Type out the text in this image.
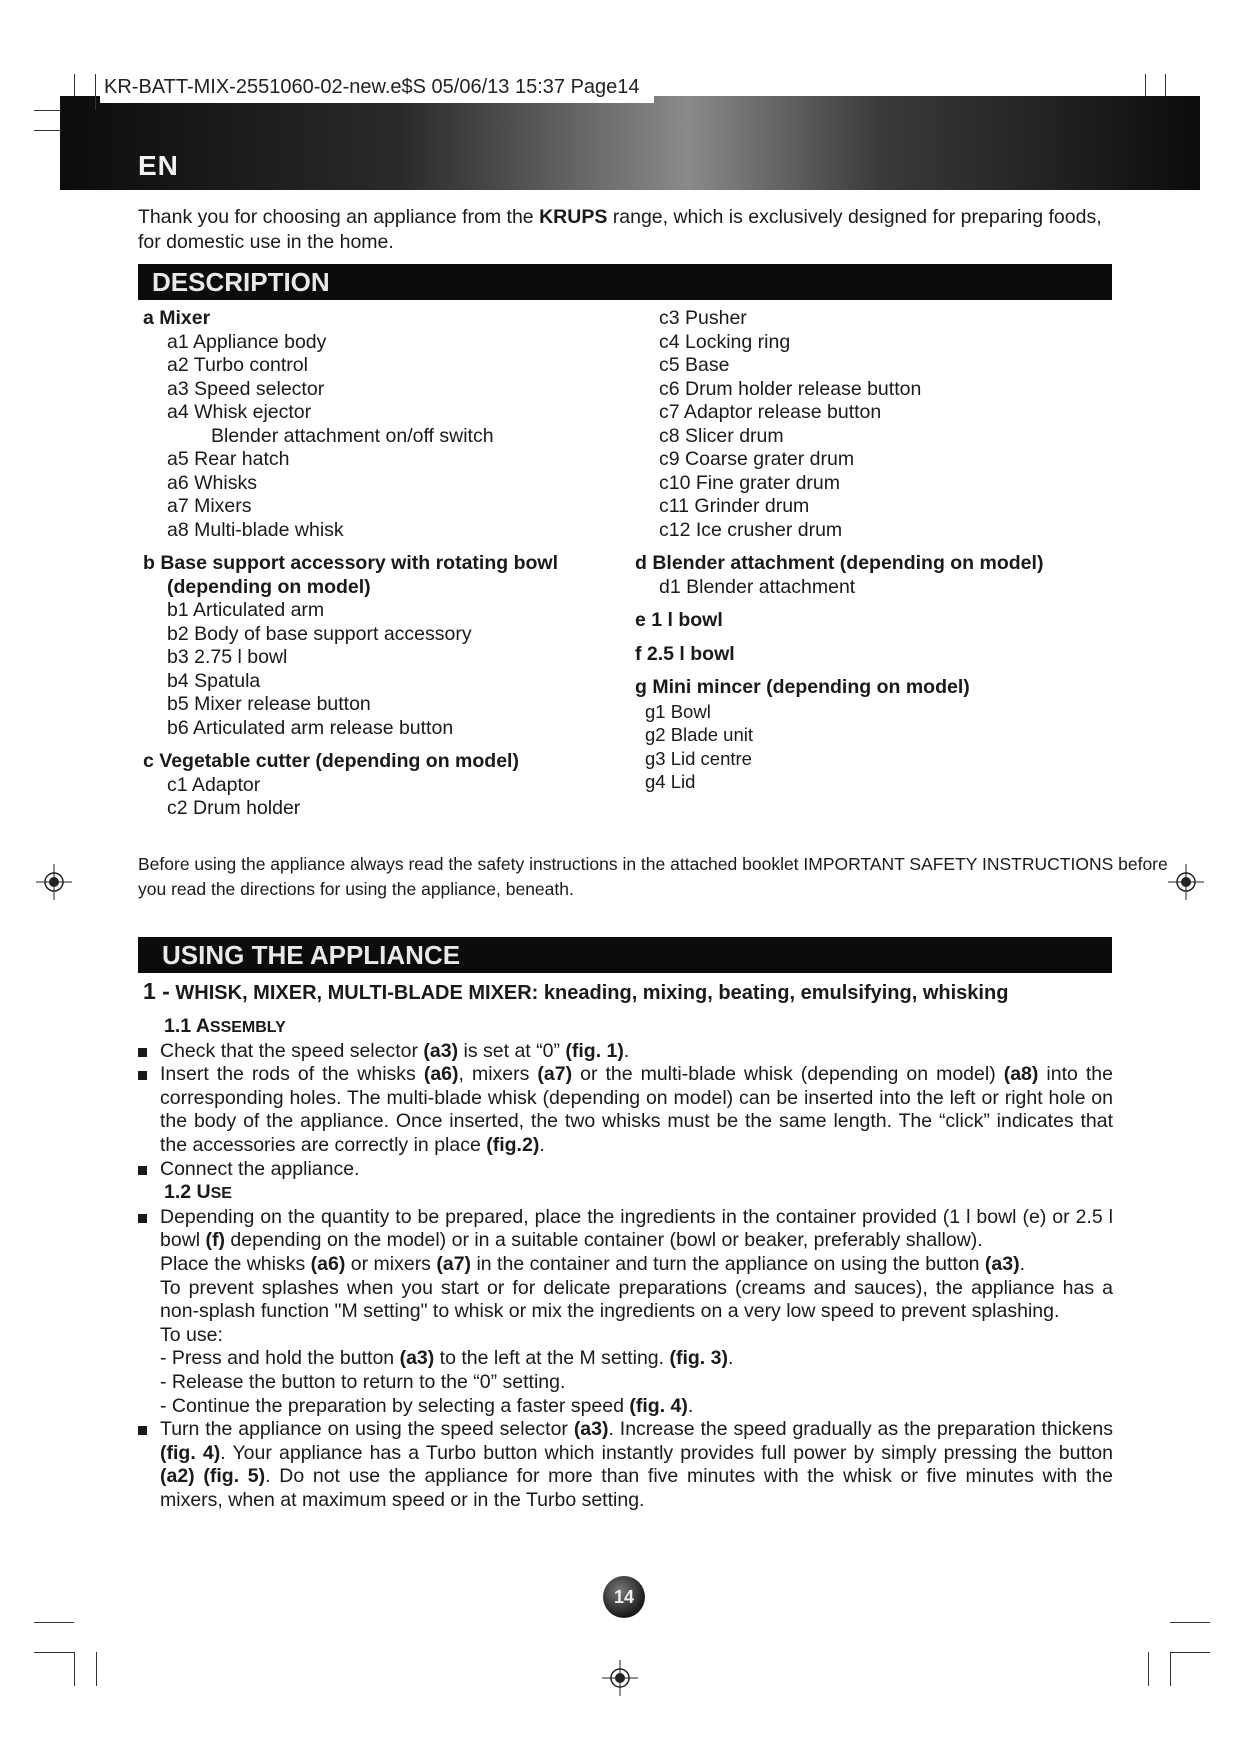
EN
KR-BATT-MIX-2551060-02-new.e$S 05/06/13 15:37 Page14
Thank you for choosing an appliance from the KRUPS range, which is exclusively designed for preparing foods, for domestic use in the home.
DESCRIPTION
a Mixer
a1 Appliance body
a2 Turbo control
a3 Speed selector
a4 Whisk ejector
Blender attachment on/off switch
a5 Rear hatch
a6 Whisks
a7 Mixers
a8 Multi-blade whisk
b Base support accessory with rotating bowl
(depending on model)
b1 Articulated arm
b2 Body of base support accessory
b3 2.75 l bowl
b4 Spatula
b5 Mixer release button
b6 Articulated arm release button
c Vegetable cutter (depending on model)
c1 Adaptor
c2 Drum holder
c3 Pusher
c4 Locking ring
c5 Base
c6 Drum holder release button
c7 Adaptor release button
c8 Slicer drum
c9 Coarse grater drum
c10 Fine grater drum
c11 Grinder drum
c12 Ice crusher drum
d Blender attachment (depending on model)
d1 Blender attachment
e 1 l bowl
f 2.5 l bowl
g Mini mincer (depending on model)
g1 Bowl
g2 Blade unit
g3 Lid centre
g4 Lid
Before using the appliance always read the safety instructions in the attached booklet IMPORTANT SAFETY INSTRUCTIONS before you read the directions for using the appliance, beneath.
USING THE APPLIANCE
1 - WHISK, MIXER, MULTI-BLADE MIXER: kneading, mixing, beating, emulsifying, whisking
1.1 ASSEMBLY
Check that the speed selector (a3) is set at “0” (fig. 1).
Insert the rods of the whisks (a6), mixers (a7) or the multi-blade whisk (depending on model) (a8) into the corresponding holes. The multi-blade whisk (depending on model) can be inserted into the left or right hole on the body of the appliance. Once inserted, the two whisks must be the same length. The “click” indicates that the accessories are correctly in place (fig.2).
Connect the appliance.
1.2 USE
Depending on the quantity to be prepared, place the ingredients in the container provided (1 l bowl (e) or 2.5 l bowl (f) depending on the model) or in a suitable container (bowl or beaker, preferably shallow).
Place the whisks (a6) or mixers (a7) in the container and turn the appliance on using the button (a3).
To prevent splashes when you start or for delicate preparations (creams and sauces), the appliance has a non-splash function "M setting" to whisk or mix the ingredients on a very low speed to prevent splashing.
To use:
- Press and hold the button (a3) to the left at the M setting. (fig. 3).
- Release the button to return to the “0” setting.
- Continue the preparation by selecting a faster speed (fig. 4).
Turn the appliance on using the speed selector (a3). Increase the speed gradually as the preparation thickens (fig. 4). Your appliance has a Turbo button which instantly provides full power by simply pressing the button (a2) (fig. 5). Do not use the appliance for more than five minutes with the whisk or five minutes with the mixers, when at maximum speed or in the Turbo setting.
14
